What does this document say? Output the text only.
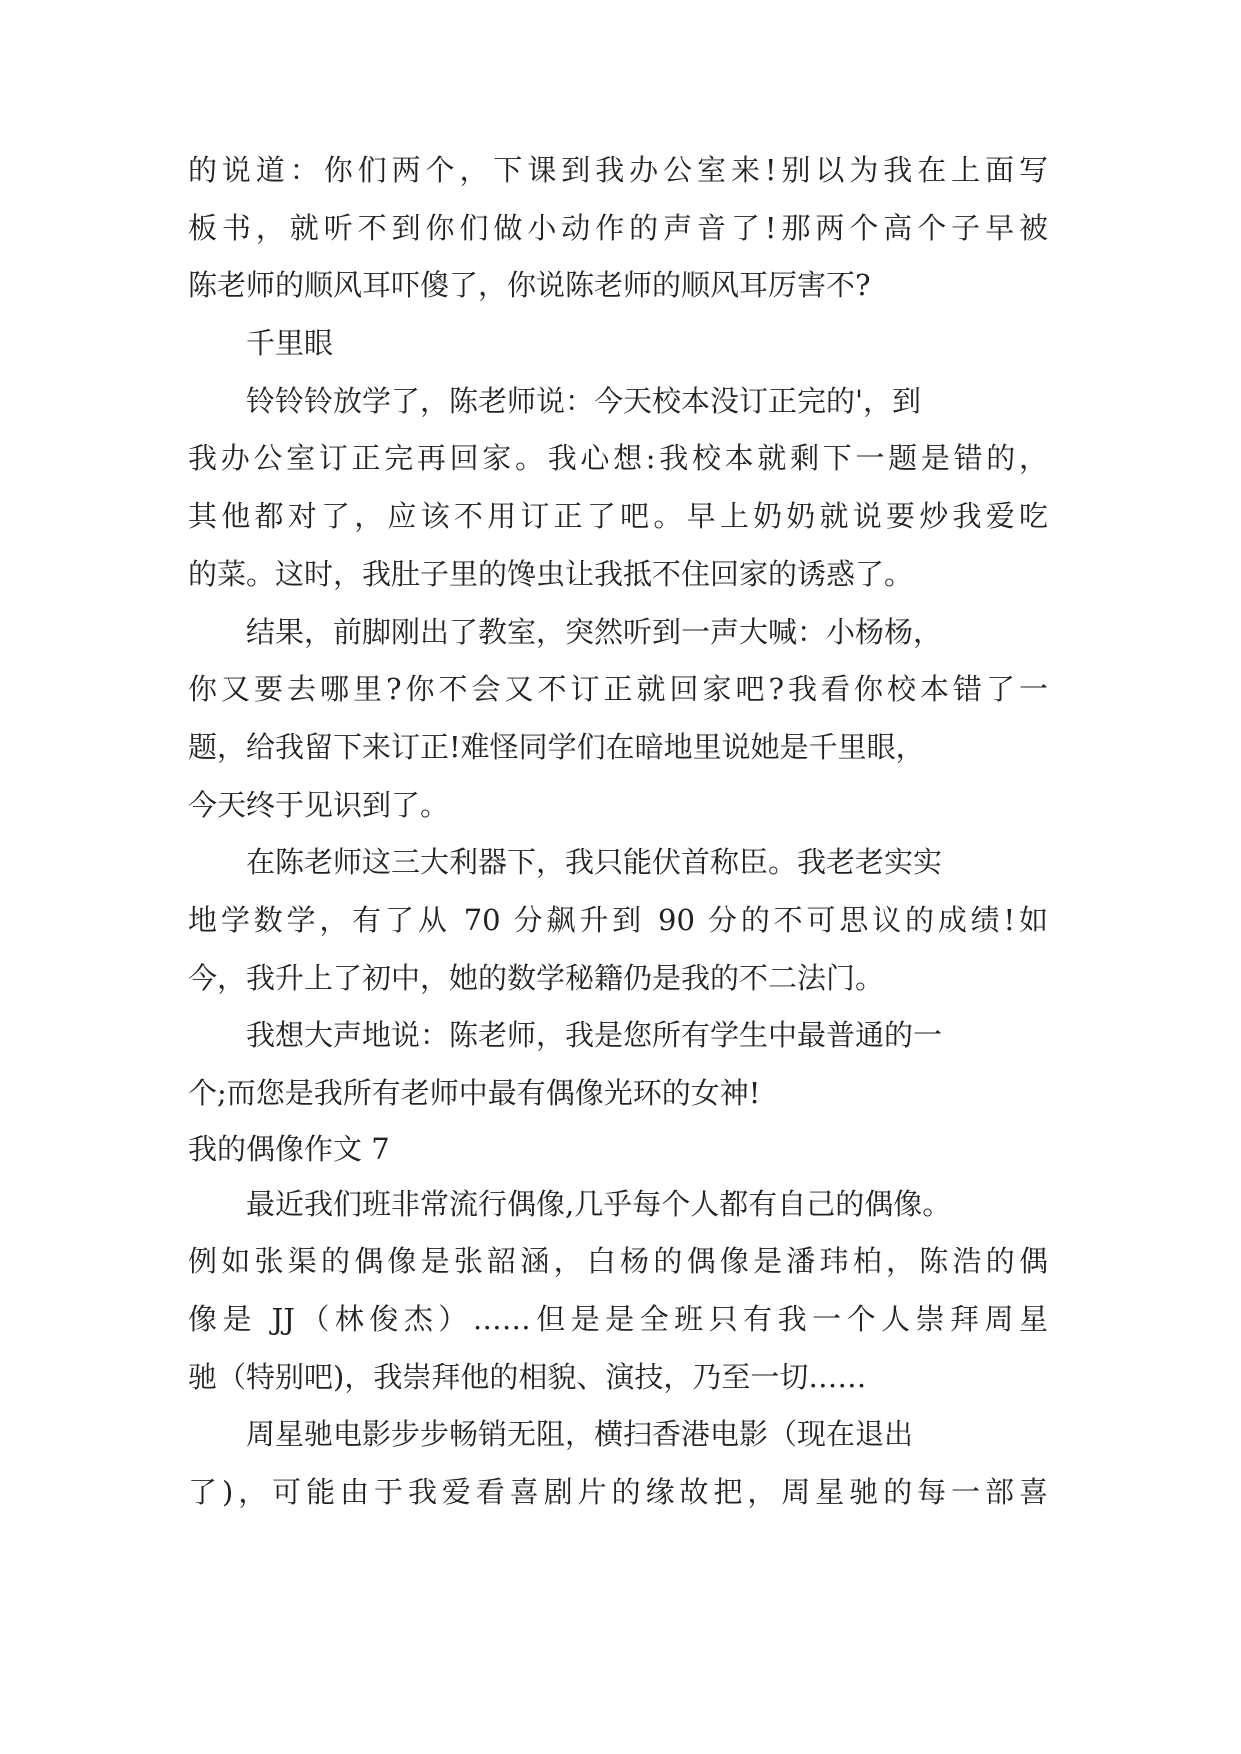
的说道：你们两个，下课到我办公室来!别以为我在上面写
板书，就听不到你们做小动作的声音了!那两个高个子早被
陈老师的顺风耳吓傻了，你说陈老师的顺风耳厉害不?
千里眼
铃铃铃放学了，陈老师说：今天校本没订正完的'，到
我办公室订正完再回家。我心想:我校本就剩下一题是错的，
其他都对了，应该不用订正了吧。早上奶奶就说要炒我爱吃
的菜。这时，我肚子里的馋虫让我抵不住回家的诱惑了。
结果，前脚刚出了教室，突然听到一声大喊：小杨杨，
你又要去哪里?你不会又不订正就回家吧?我看你校本错了一
题，给我留下来订正!难怪同学们在暗地里说她是千里眼，
今天终于见识到了。
在陈老师这三大利器下，我只能伏首称臣。我老老实实
地学数学，有了从 70 分飙升到 90 分的不可思议的成绩!如
今，我升上了初中，她的数学秘籍仍是我的不二法门。
我想大声地说：陈老师，我是您所有学生中最普通的一
个;而您是我所有老师中最有偶像光环的女神!
我的偶像作文 7
最近我们班非常流行偶像,几乎每个人都有自己的偶像。
例如张渠的偶像是张韶涵，白杨的偶像是潘玮柏，陈浩的偶
像是 JJ（林俊杰）……但是是全班只有我一个人崇拜周星
驰（特别吧)，我崇拜他的相貌、演技，乃至一切……
周星驰电影步步畅销无阻，横扫香港电影（现在退出
了)，可能由于我爱看喜剧片的缘故把，周星驰的每一部喜
